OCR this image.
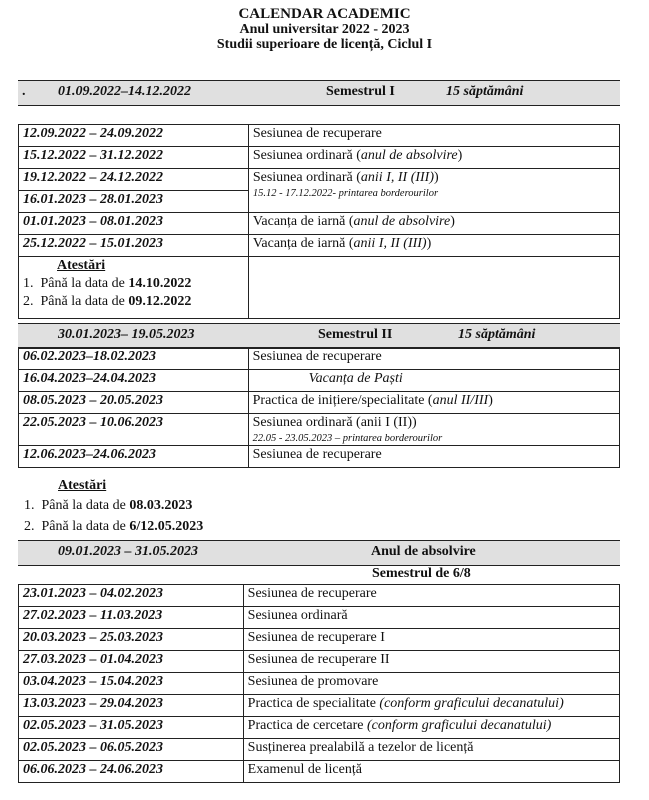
CALENDAR ACADEMIC
Anul universitar 2022 - 2023
Studii superioare de licență, Ciclul I
. 01.09.2022–14.12.2022	Semestrul I	15 săptămâni
12.09.2022 – 24.09.2022	Sesiunea de recuperare
15.12.2022 – 31.12.2022	Sesiunea ordinară (anul de absolvire)
19.12.2022 – 24.12.2022	Sesiunea ordinară (anii I, II (III))
15.12 - 17.12.2022- printarea borderourilor

16.01.2023 – 28.01.2023	
01.01.2023 – 08.01.2023	Vacanța de iarnă (anul de absolvire)
25.12.2022 – 15.01.2023	Vacanța de iarnă (anii I, II (III))

Atestări
1.  Până la data de 14.10.2022
2.  Până la data de 09.12.2022	

30.01.2023– 19.05.2023	Semestrul II	15 săptămâni
06.02.2023–18.02.2023	Sesiunea de recuperare
16.04.2023–24.04.2023	Vacanța de Paști
08.05.2023 – 20.05.2023	Practica de inițiere/specialitate (anul II/III)
22.05.2023 – 10.06.2023	Sesiunea ordinară (anii I (II))
22.05 - 23.05.2023 – printarea borderourilor

12.06.2023–24.06.2023	Sesiunea de recuperare
Atestări
1.  Până la data de 08.03.2023
2.  Până la data de 6/12.05.2023
09.01.2023 – 31.05.2023	Anul de absolvire
Semestrul de 6/8
23.01.2023 – 04.02.2023	Sesiunea de recuperare
27.02.2023 – 11.03.2023	Sesiunea ordinară
20.03.2023 – 25.03.2023	Sesiunea de recuperare I
27.03.2023 – 01.04.2023	Sesiunea de recuperare II
03.04.2023 – 15.04.2023	Sesiunea de promovare
13.03.2023 – 29.04.2023	Practica de specialitate (conform graficului decanatului)
02.05.2023 – 31.05.2023	Practica de cercetare (conform graficului decanatului)
02.05.2023 – 06.05.2023	Susținerea prealabilă a tezelor de licență
06.06.2023 – 24.06.2023	Examenul de licență
